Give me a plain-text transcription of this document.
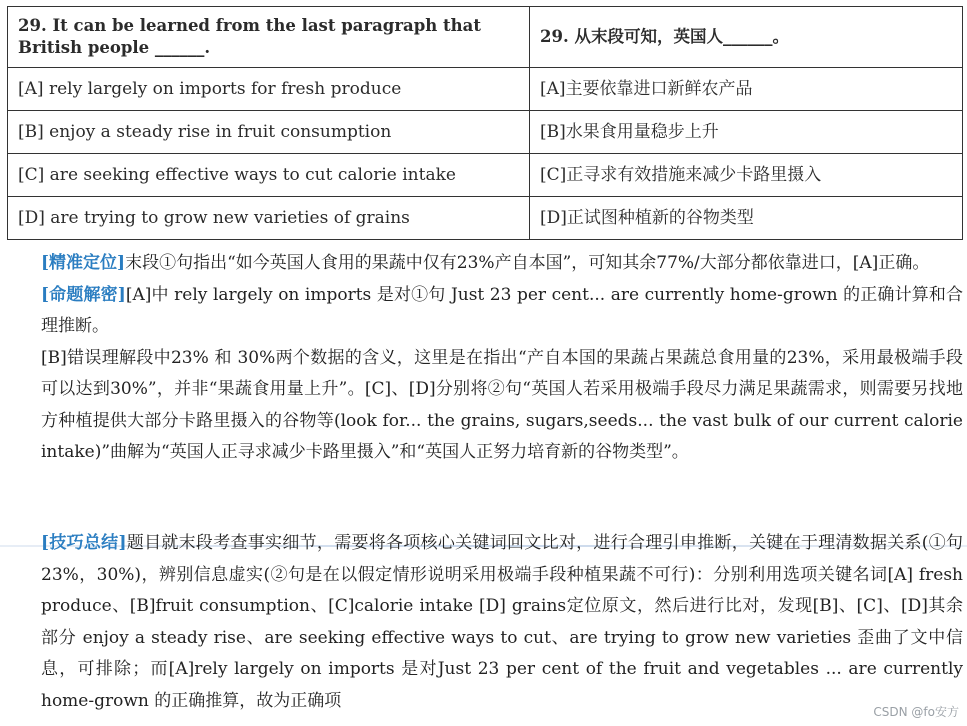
29. It can be learned from the last paragraph that British people ______.	29. 从末段可知，英国人______。
[A] rely largely on imports for fresh produce	[A]主要依靠进口新鲜农产品
[B] enjoy a steady rise in fruit consumption	[B]水果食用量稳步上升
[C] are seeking effective ways to cut calorie intake	[C]正寻求有效措施来减少卡路里摄入
[D] are trying to grow new varieties of grains	[D]正试图种植新的谷物类型

[精准定位]末段①句指出“如今英国人食用的果蔬中仅有23%产自本国”，可知其余77%/大部分都依靠进口，[A]正确。

[命题解密][A]中 rely largely on imports 是对①句 Just 23 per cent... are currently home-grown 的正确计算和合理推断。

[B]错误理解段中23% 和 30%两个数据的含义，这里是在指出“产自本国的果蔬占果蔬总食用量的23%，采用最极端手段可以达到30%”，并非“果蔬食用量上升”。[C]、[D]分别将②句“英国人若采用极端手段尽力满足果蔬需求，则需要另找地方种植提供大部分卡路里摄入的谷物等(look for... the grains, sugars,seeds... the vast bulk of our current calorie intake)”曲解为“英国人正寻求减少卡路里摄入”和“英国人正努力培育新的谷物类型”。

[技巧总结]题目就末段考查事实细节，需要将各项核心关键词回文比对，进行合理引申推断，关键在于理清数据关系(①句 23%，30%)，辨别信息虚实(②句是在以假定情形说明采用极端手段种植果蔬不可行)：分别利用选项关键名词[A] fresh produce、[B]fruit consumption、[C]calorie intake [D] grains定位原文，然后进行比对，发现[B]、[C]、[D]其余部分 enjoy a steady rise、are seeking effective ways to cut、are trying to grow new varieties 歪曲了文中信息，可排除；而[A]rely largely on imports 是对Just 23 per cent of the fruit and vegetables ... are currently home-grown 的正确推算，故为正确项

CSDN @fo安方
